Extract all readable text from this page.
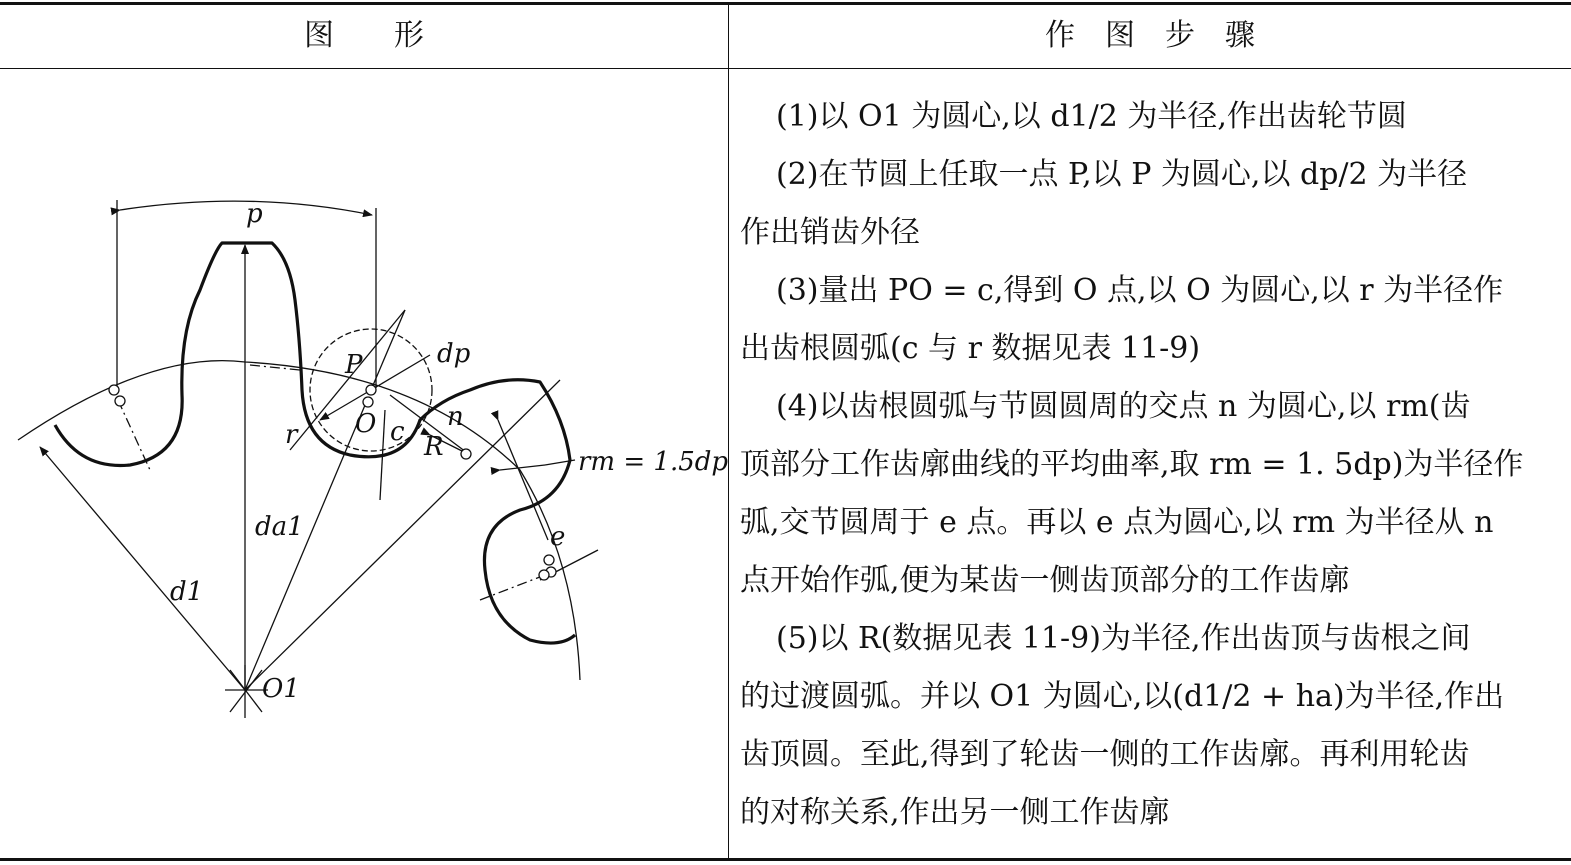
图　　形	作　图　步　骤
p
P	dp
r O c n
R	rm = 1.5dp
da1
d1
O1
e
(1)以 O1 为圆心,以 d1/2 为半径,作出齿轮节圆
(2)在节圆上任取一点 P,以 P 为圆心,以 dp/2 为半径
作出销齿外径
(3)量出 PO = c,得到 O 点,以 O 为圆心,以 r 为半径作
出齿根圆弧(c 与 r 数据见表 11-9)
(4)以齿根圆弧与节圆圆周的交点 n 为圆心,以 rm(齿
顶部分工作齿廓曲线的平均曲率,取 rm = 1. 5dp)为半径作
弧,交节圆周于 e 点。再以 e 点为圆心,以 rm 为半径从 n
点开始作弧,便为某齿一侧齿顶部分的工作齿廓
(5)以 R(数据见表 11-9)为半径,作出齿顶与齿根之间
的过渡圆弧。并以 O1 为圆心,以(d1/2 + ha)为半径,作出
齿顶圆。至此,得到了轮齿一侧的工作齿廓。再利用轮齿
的对称关系,作出另一侧工作齿廓
